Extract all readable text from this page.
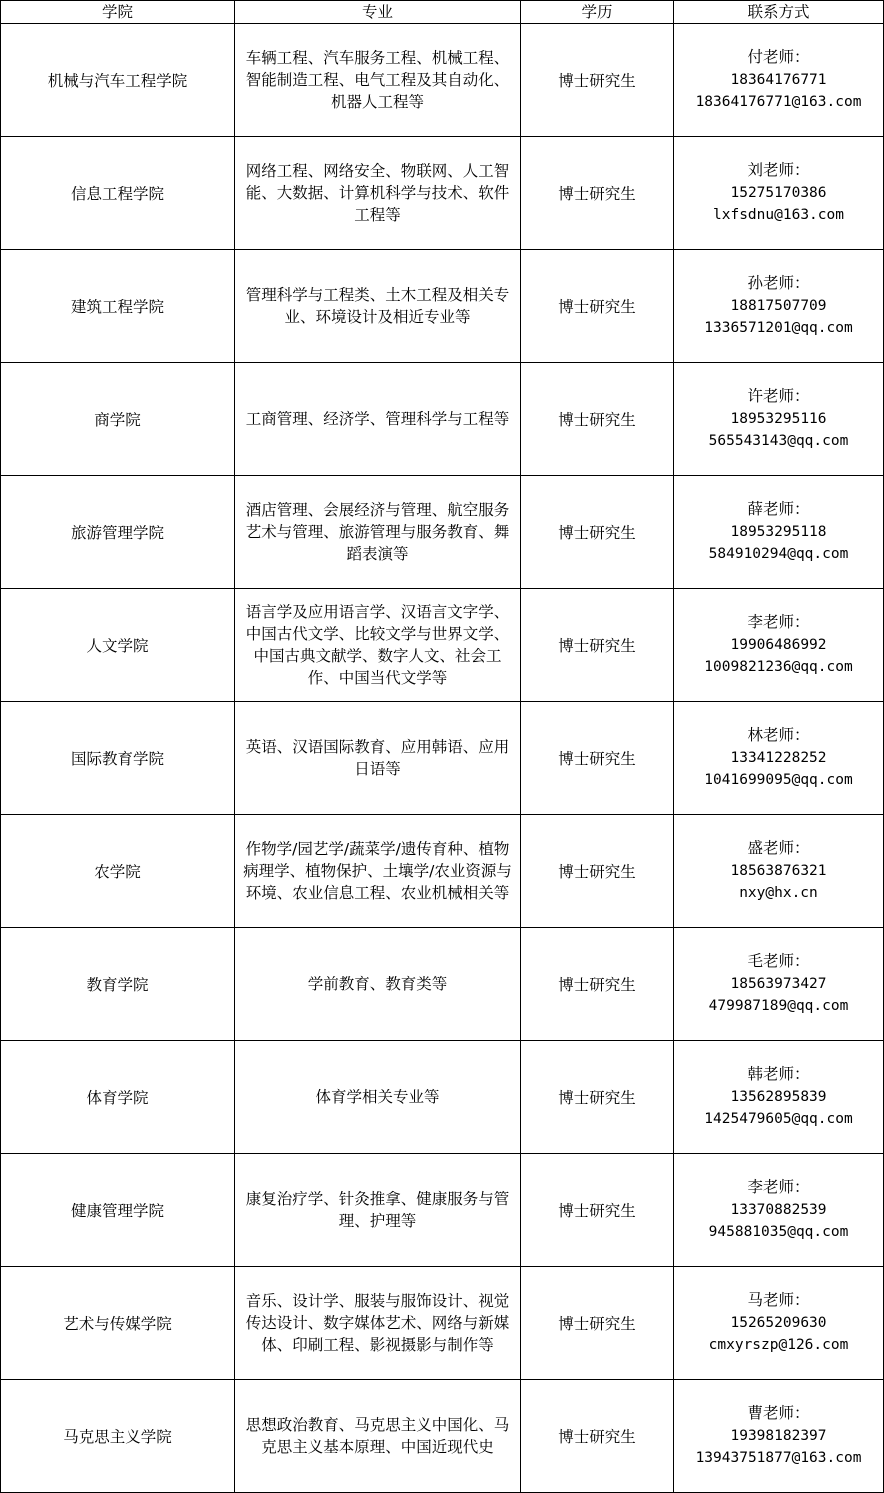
学院	专业	学历	联系方式
机械与汽车工程学院	车辆工程、汽车服务工程、机械工程、智能制造工程、电气工程及其自动化、机器人工程等	博士研究生	付老师：
18364176771
18364176771@163.com

信息工程学院	网络工程、网络安全、物联网、人工智能、大数据、计算机科学与技术、软件工程等	博士研究生	刘老师：
15275170386
lxfsdnu@163.com

建筑工程学院	管理科学与工程类、土木工程及相关专业、环境设计及相近专业等	博士研究生	孙老师：
18817507709
1336571201@qq.com

商学院	工商管理、经济学、管理科学与工程等	博士研究生	许老师：
18953295116
565543143@qq.com

旅游管理学院	酒店管理、会展经济与管理、航空服务艺术与管理、旅游管理与服务教育、舞蹈表演等	博士研究生	薛老师：
18953295118
584910294@qq.com

人文学院	语言学及应用语言学、汉语言文字学、中国古代文学、比较文学与世界文学、中国古典文献学、数字人文、社会工作、中国当代文学等	博士研究生	李老师：
19906486992
1009821236@qq.com

国际教育学院	英语、汉语国际教育、应用韩语、应用日语等	博士研究生	林老师：
13341228252
1041699095@qq.com

农学院	作物学/园艺学/蔬菜学/遗传育种、植物病理学、植物保护、土壤学/农业资源与环境、农业信息工程、农业机械相关等	博士研究生	盛老师：
18563876321
nxy@hx.cn

教育学院	学前教育、教育类等	博士研究生	毛老师：
18563973427
479987189@qq.com

体育学院	体育学相关专业等	博士研究生	韩老师：
13562895839
1425479605@qq.com

健康管理学院	康复治疗学、针灸推拿、健康服务与管理、护理等	博士研究生	李老师：
13370882539
945881035@qq.com

艺术与传媒学院	音乐、设计学、服装与服饰设计、视觉传达设计、数字媒体艺术、网络与新媒体、印刷工程、影视摄影与制作等	博士研究生	马老师：
15265209630
cmxyrszp@126.com

马克思主义学院	思想政治教育、马克思主义中国化、马克思主义基本原理、中国近现代史	博士研究生	曹老师：
19398182397
13943751877@163.com
